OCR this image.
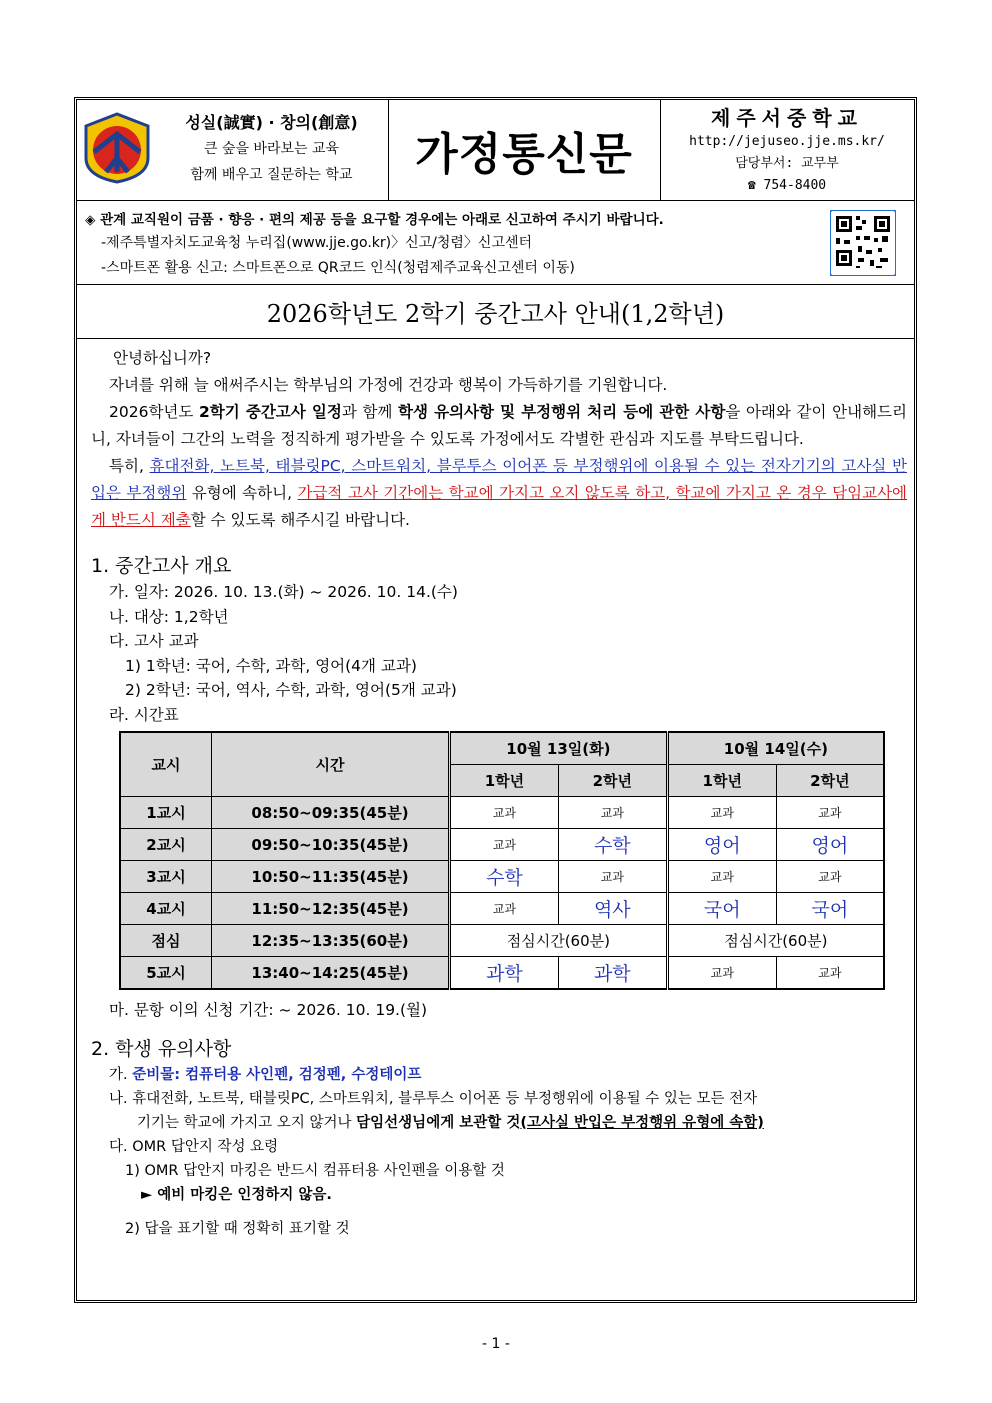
성실(誠實) · 창의(創意)
큰 숲을 바라보는 교육
함께 배우고 질문하는 학교	가정통신문
제주서중학교
http://jejuseo.jje.ms.kr/
담당부서: 교무부
☎ 754-8400
◈ 관계 교직원이 금품 · 향응 · 편의 제공 등을 요구할 경우에는 아래로 신고하여 주시기 바랍니다.
-제주특별자치도교육청 누리집(www.jje.go.kr)〉신고/청렴〉신고센터
-스마트폰 활용 신고: 스마트폰으로 QR코드 인식(청렴제주교육신고센터 이동)
2026학년도 2학기 중간고사 안내(1,2학년)
안녕하십니까?
자녀를 위해 늘 애써주시는 학부님의 가정에 건강과 행복이 가득하기를 기원합니다.
2026학년도 2학기 중간고사 일정과 함께 학생 유의사항 및 부정행위 처리 등에 관한 사항을 아래와 같이 안내해드리니, 자녀들이 그간의 노력을 정직하게 평가받을 수 있도록 가정에서도 각별한 관심과 지도를 부탁드립니다.
특히, 휴대전화, 노트북, 태블릿PC, 스마트워치, 블루투스 이어폰 등 부정행위에 이용될 수 있는 전자기기의 고사실 반입은 부정행위 유형에 속하니, 가급적 고사 기간에는 학교에 가지고 오지 않도록 하고, 학교에 가지고 온 경우 담임교사에게 반드시 제출할 수 있도록 해주시길 바랍니다.
1. 중간고사 개요
가. 일자: 2026. 10. 13.(화) ~ 2026. 10. 14.(수)
나. 대상: 1,2학년
다. 고사 교과
1) 1학년: 국어, 수학, 과학, 영어(4개 교과)
2) 2학년: 국어, 역사, 수학, 과학, 영어(5개 교과)
라. 시간표
교시	시간	10월 13일(화)		10월 14일(수)	
		1학년	2학년	1학년	2학년
1교시	08:50~09:35(45분)	교과	교과	교과	교과
2교시	09:50~10:35(45분)	교과	수학	영어	영어
3교시	10:50~11:35(45분)	수학	교과	교과	교과
4교시	11:50~12:35(45분)	교과	역사	국어	국어
점심	12:35~13:35(60분)	점심시간(60분)		점심시간(60분)	
5교시	13:40~14:25(45분)	과학	과학	교과	교과
마. 문항 이의 신청 기간: ~ 2026. 10. 19.(월)
2. 학생 유의사항
가. 준비물: 컴퓨터용 사인펜, 검정펜, 수정테이프
나. 휴대전화, 노트북, 태블릿PC, 스마트워치, 블루투스 이어폰 등 부정행위에 이용될 수 있는 모든 전자
기기는 학교에 가지고 오지 않거나 담임선생님에게 보관할 것(고사실 반입은 부정행위 유형에 속함)
다. OMR 답안지 작성 요령
1) OMR 답안지 마킹은 반드시 컴퓨터용 사인펜을 이용할 것
► 예비 마킹은 인정하지 않음.
2) 답을 표기할 때 정확히 표기할 것
- 1 -
